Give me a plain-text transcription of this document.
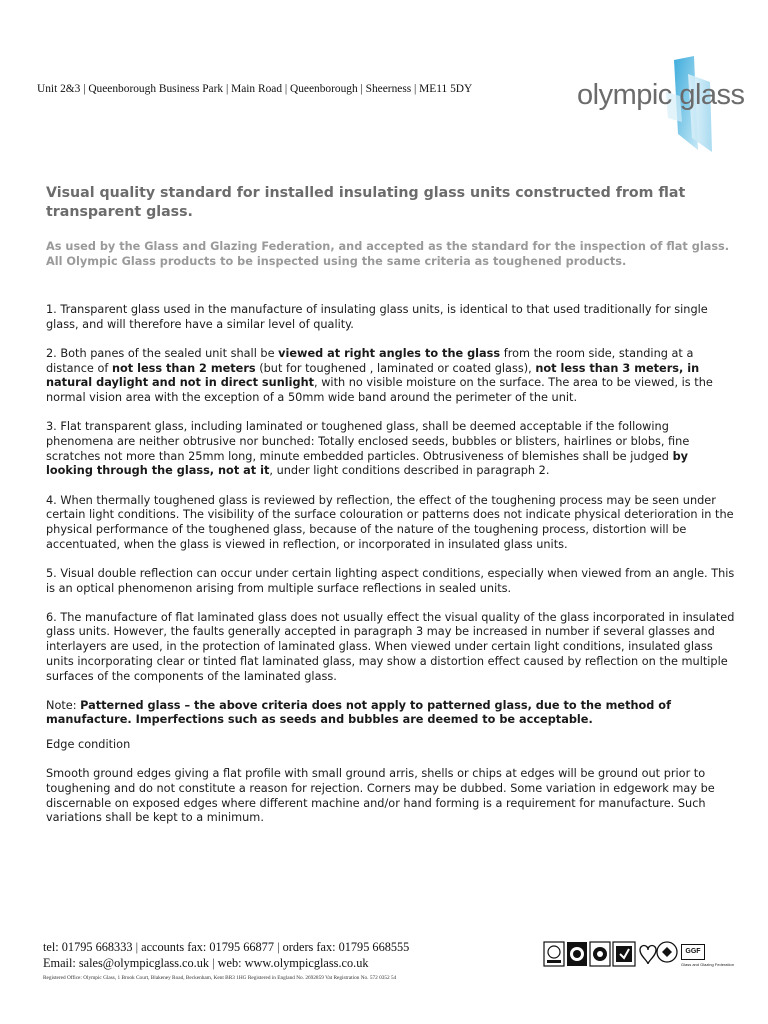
Unit 2&3 | Queenborough Business Park | Main Road | Queenborough | Sheerness | ME11 5DY	olympic glass
Visual quality standard for installed insulating glass units constructed from flat transparent glass.
As used by the Glass and Glazing Federation, and accepted as the standard for the inspection of flat glass. All Olympic Glass products to be inspected using the same criteria as toughened products.

1. Transparent glass used in the manufacture of insulating glass units, is identical to that used traditionally for single glass, and will therefore have a similar level of quality.

2. Both panes of the sealed unit shall be viewed at right angles to the glass from the room side, standing at a distance of not less than 2 meters (but for toughened , laminated or coated glass), not less than 3 meters, in natural daylight and not in direct sunlight, with no visible moisture on the surface. The area to be viewed, is the normal vision area with the exception of a 50mm wide band around the perimeter of the unit.

3. Flat transparent glass, including laminated or toughened glass, shall be deemed acceptable if the following phenomena are neither obtrusive nor bunched: Totally enclosed seeds, bubbles or blisters, hairlines or blobs, fine scratches not more than 25mm long, minute embedded particles. Obtrusiveness of blemishes shall be judged by looking through the glass, not at it, under light conditions described in paragraph 2.

4. When thermally toughened glass is reviewed by reflection, the effect of the toughening process may be seen under certain light conditions. The visibility of the surface colouration or patterns does not indicate physical deterioration in the physical performance of the toughened glass, because of the nature of the toughening process, distortion will be accentuated, when the glass is viewed in reflection, or incorporated in insulated glass units.

5. Visual double reflection can occur under certain lighting aspect conditions, especially when viewed from an angle. This is an optical phenomenon arising from multiple surface reflections in sealed units.

6. The manufacture of flat laminated glass does not usually effect the visual quality of the glass incorporated in insulated glass units. However, the faults generally accepted in paragraph 3 may be increased in number if several glasses and interlayers are used, in the protection of laminated glass. When viewed under certain light conditions, insulated glass units incorporating clear or tinted flat laminated glass, may show a distortion effect caused by reflection on the multiple surfaces of the components of the laminated glass.

Note: Patterned glass – the above criteria does not apply to patterned glass, due to the method of manufacture. Imperfections such as seeds and bubbles are deemed to be acceptable.

Edge condition

Smooth ground edges giving a flat profile with small ground arris, shells or chips at edges will be ground out prior to toughening and do not constitute a reason for rejection. Corners may be dubbed. Some variation in edgework may be discernable on exposed edges where different machine and/or hand forming is a requirement for manufacture. Such variations shall be kept to a minimum.

tel: 01795 668333 | accounts fax: 01795 66877 | orders fax: 01795 668555
Email: sales@olympicglass.co.uk | web: www.olympicglass.co.uk
Registered Office: Olympic Glass, 1 Brook Court, Blakeney Road, Beckenham, Kent BR3 1HG Registered in England No. 2692859 Vat Registration No. 572 0352 54
GGF
Glass and Glazing Federation
